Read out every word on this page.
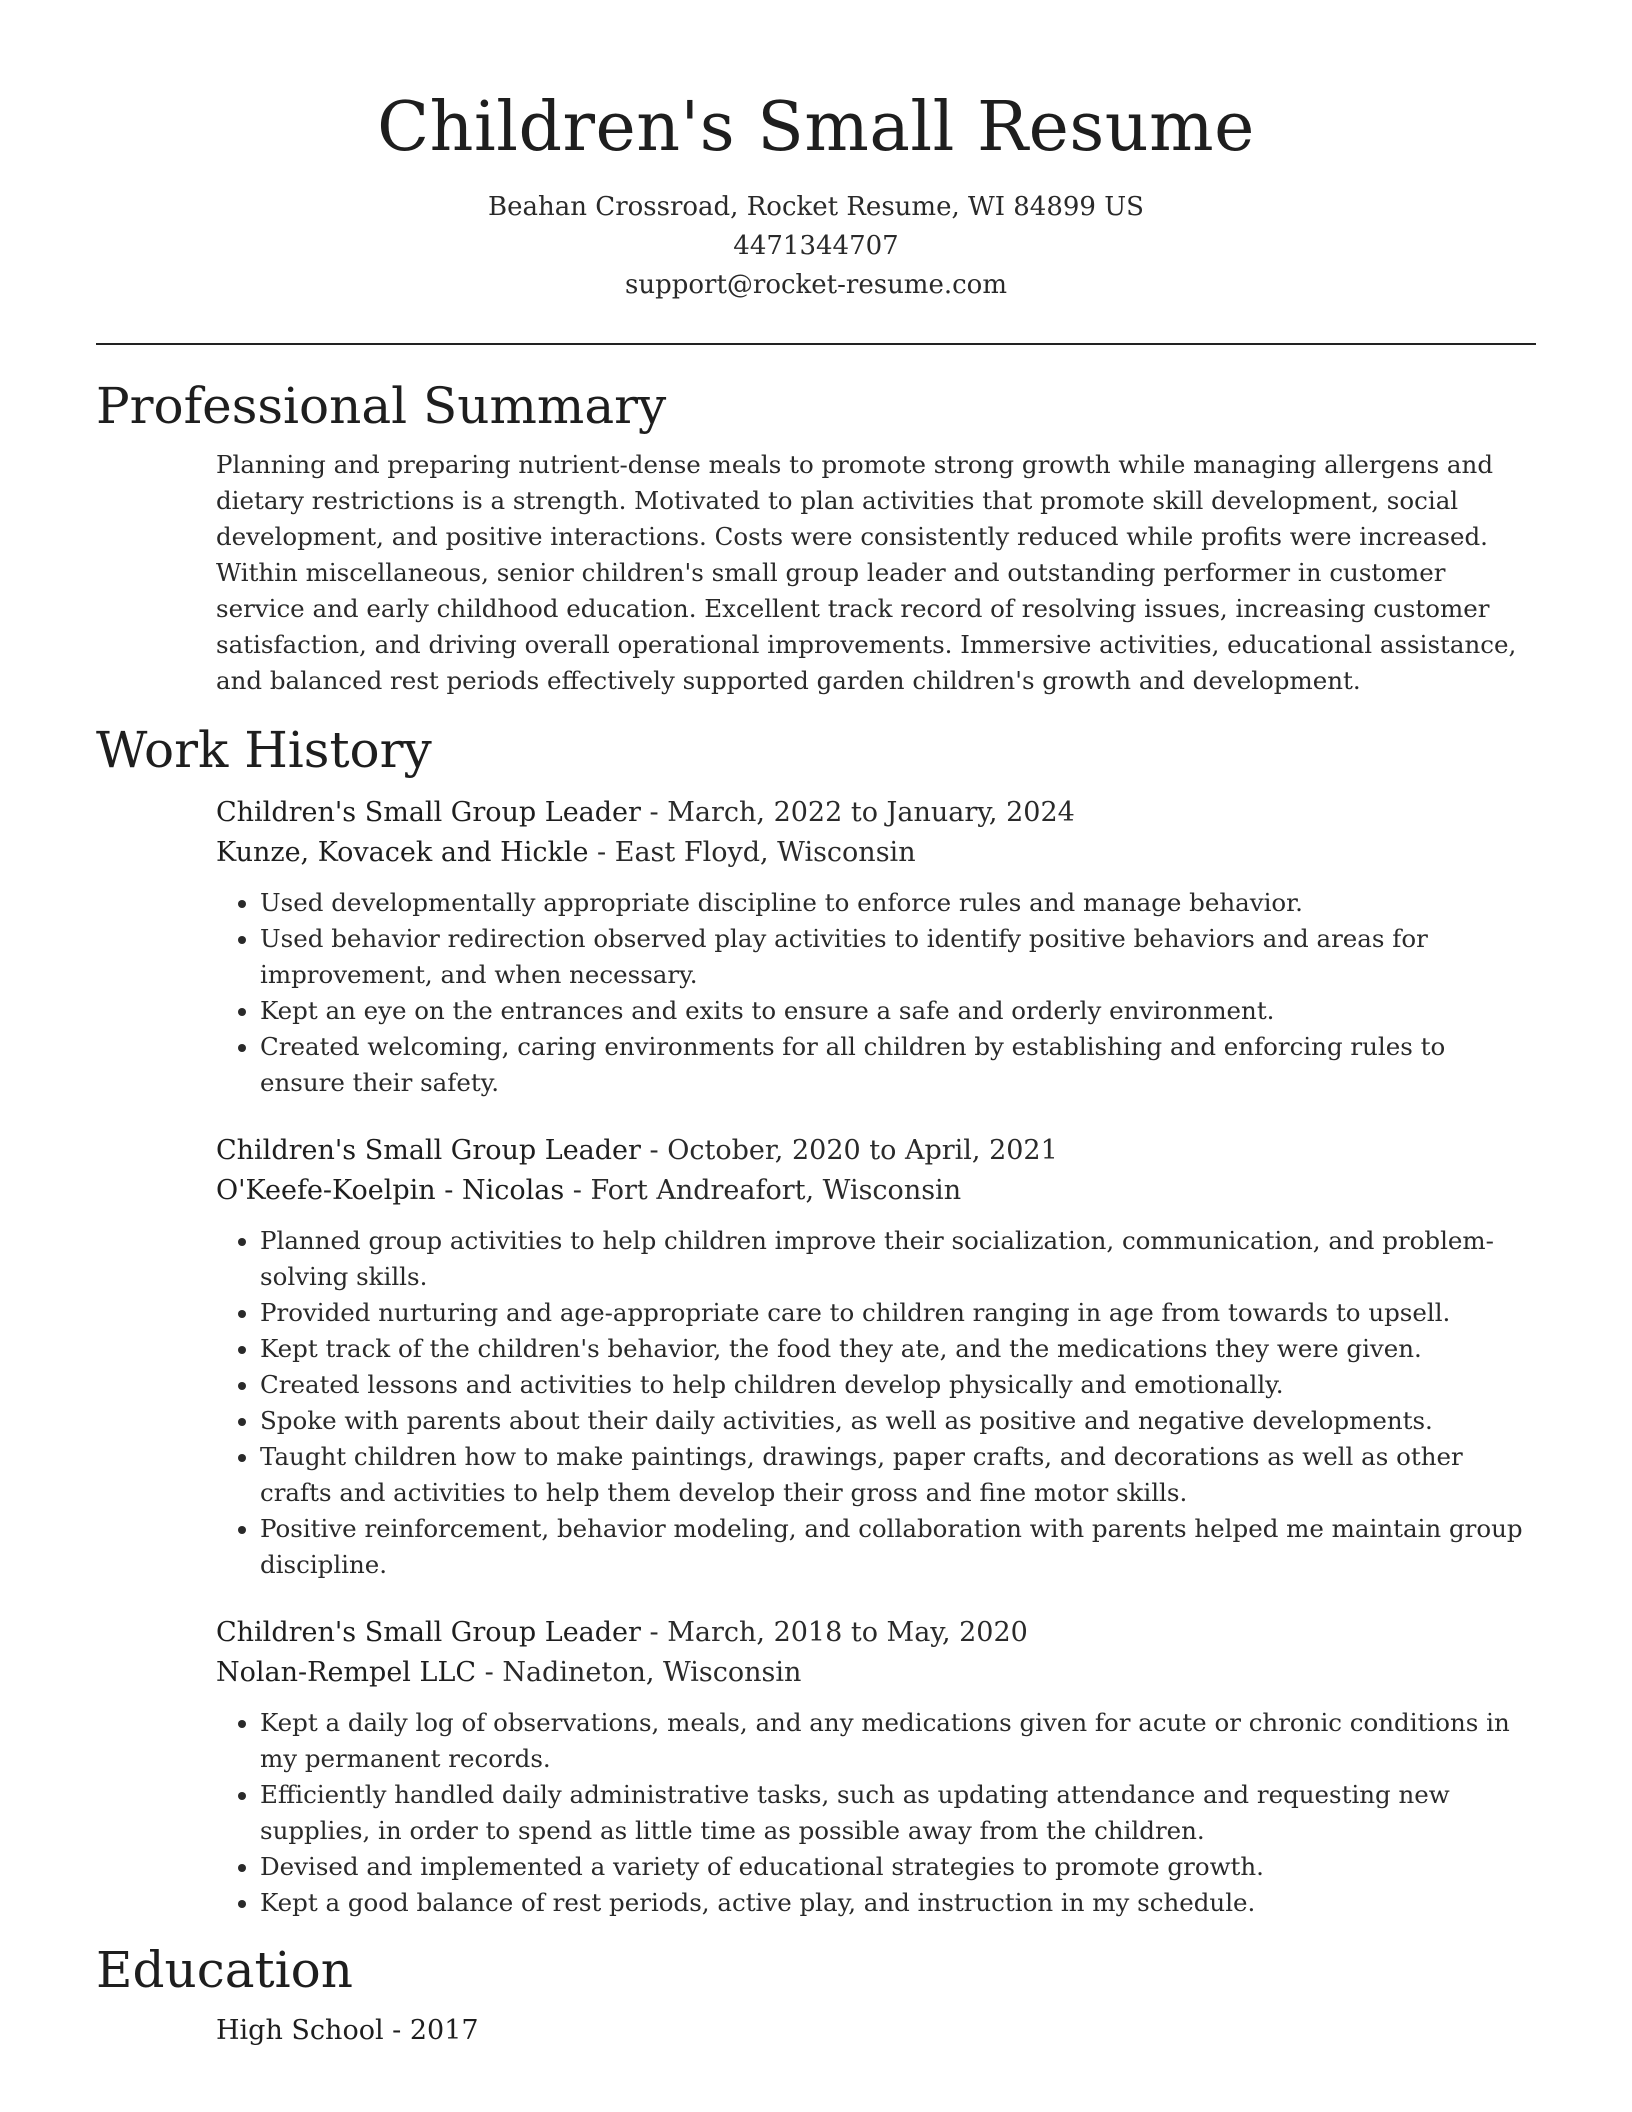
Children's Small Resume
Beahan Crossroad, Rocket Resume, WI 84899 US
4471344707
support@rocket-resume.com
Professional Summary

Planning and preparing nutrient-dense meals to promote strong growth while managing allergens and dietary restrictions is a strength. Motivated to plan activities that promote skill development, social development, and positive interactions. Costs were consistently reduced while profits were increased. Within miscellaneous, senior children's small group leader and outstanding performer in customer service and early childhood education. Excellent track record of resolving issues, increasing customer satisfaction, and driving overall operational improvements. Immersive activities, educational assistance, and balanced rest periods effectively supported garden children's growth and development.

Work History
Children's Small Group Leader - March, 2022 to January, 2024
Kunze, Kovacek and Hickle - East Floyd, Wisconsin
• Used developmentally appropriate discipline to enforce rules and manage behavior.
• Used behavior redirection observed play activities to identify positive behaviors and areas for improvement, and when necessary.
• Kept an eye on the entrances and exits to ensure a safe and orderly environment.
• Created welcoming, caring environments for all children by establishing and enforcing rules to ensure their safety.
Children's Small Group Leader - October, 2020 to April, 2021
O'Keefe-Koelpin - Nicolas - Fort Andreafort, Wisconsin
• Planned group activities to help children improve their socialization, communication, and problem-solving skills.
• Provided nurturing and age-appropriate care to children ranging in age from towards to upsell.
• Kept track of the children's behavior, the food they ate, and the medications they were given.
• Created lessons and activities to help children develop physically and emotionally.
• Spoke with parents about their daily activities, as well as positive and negative developments.
• Taught children how to make paintings, drawings, paper crafts, and decorations as well as other crafts and activities to help them develop their gross and fine motor skills.
• Positive reinforcement, behavior modeling, and collaboration with parents helped me maintain group discipline.
Children's Small Group Leader - March, 2018 to May, 2020
Nolan-Rempel LLC - Nadineton, Wisconsin
• Kept a daily log of observations, meals, and any medications given for acute or chronic conditions in my permanent records.
• Efficiently handled daily administrative tasks, such as updating attendance and requesting new supplies, in order to spend as little time as possible away from the children.
• Devised and implemented a variety of educational strategies to promote growth.
• Kept a good balance of rest periods, active play, and instruction in my schedule.
Education
High School - 2017
